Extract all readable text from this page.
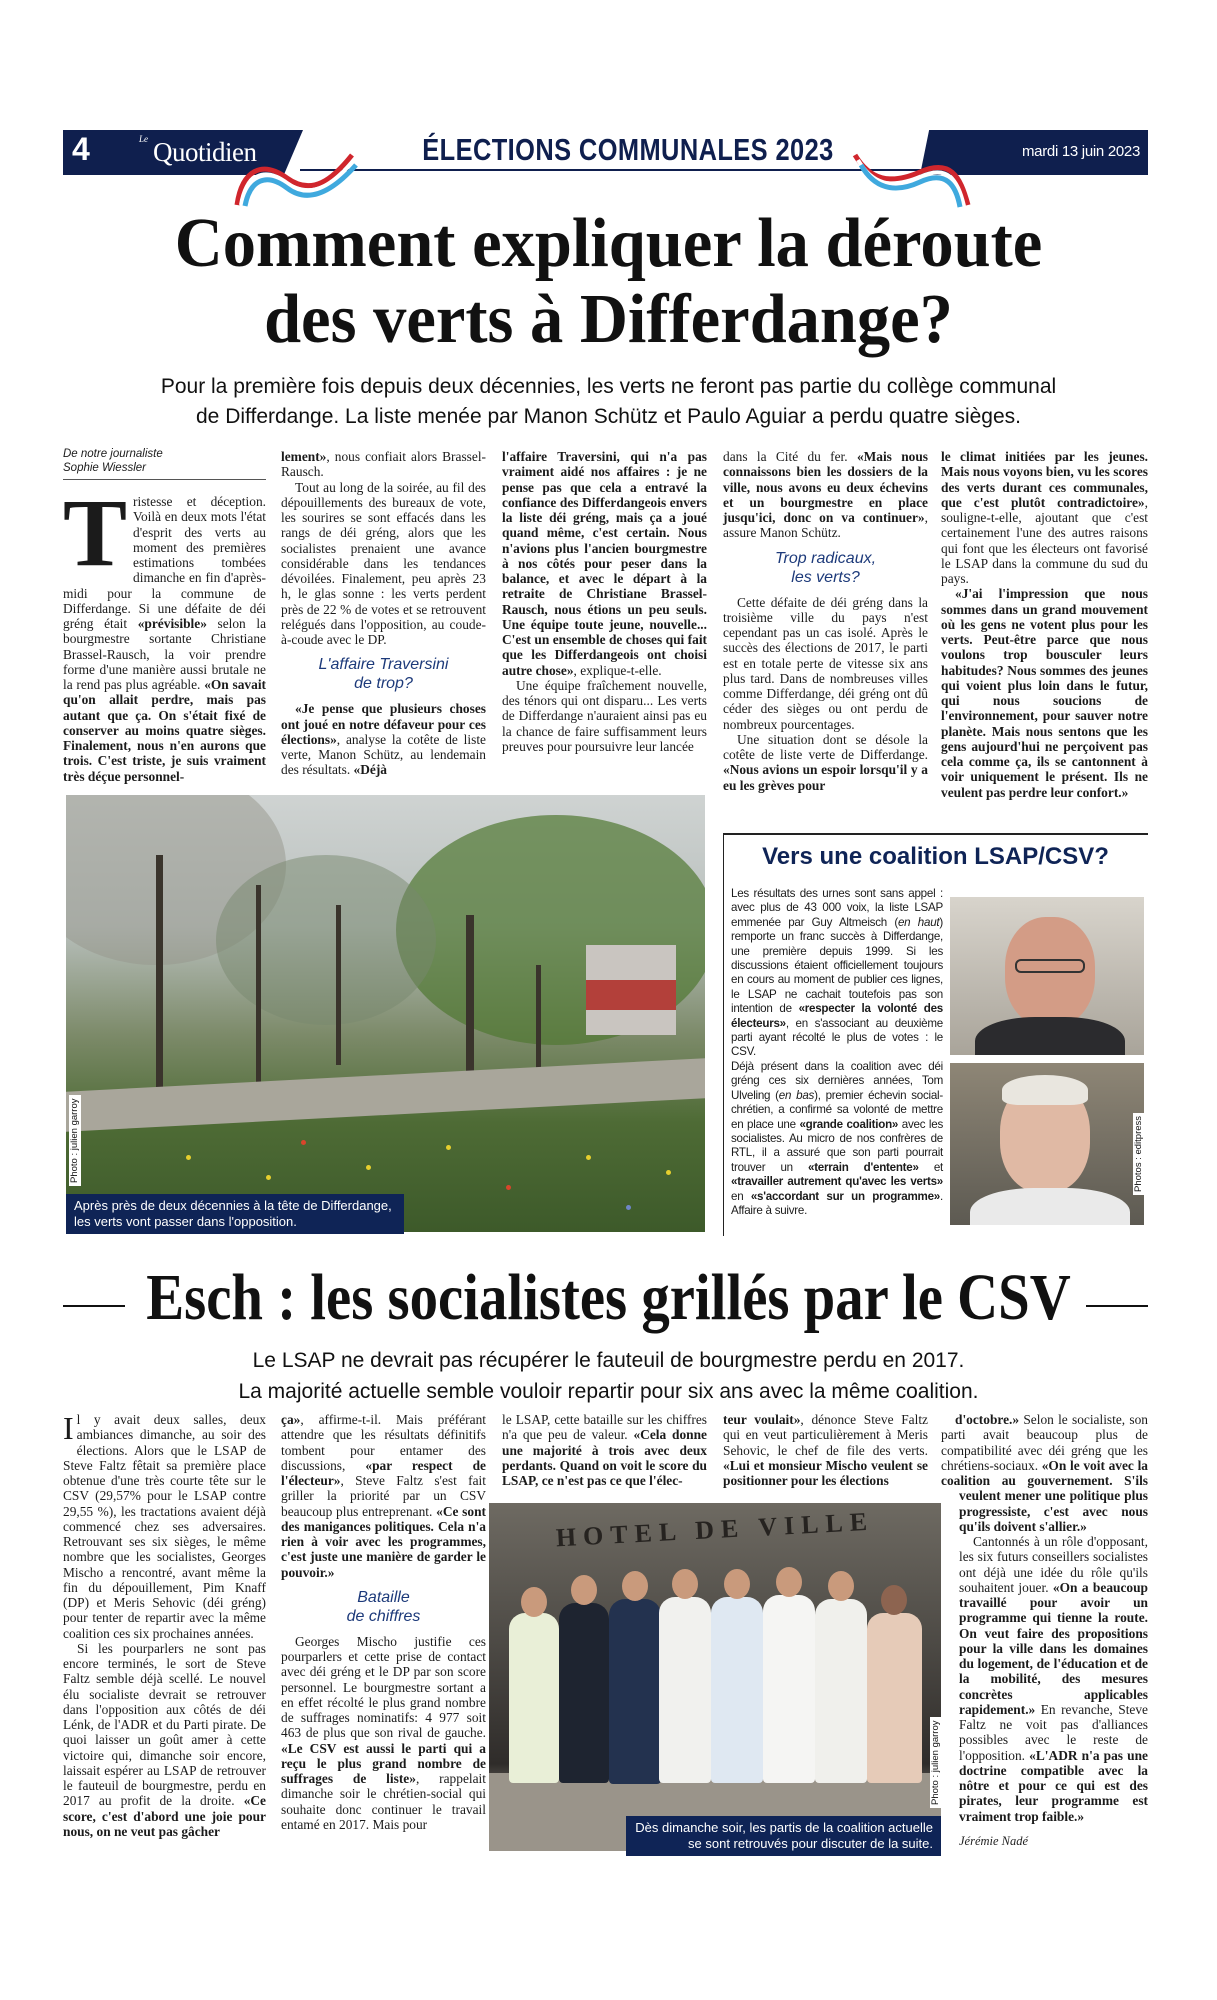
4	Le Quotidien	ÉLECTIONS COMMUNALES 2023	mardi 13 juin 2023
Comment expliquer la déroute
des verts à Differdange?
Pour la première fois depuis deux décennies, les verts ne feront pas partie du collège communal
de Differdange. La liste menée par Manon Schütz et Paulo Aguiar a perdu quatre sièges.
De notre journaliste
Sophie Wiessler
Tristesse et déception. Voilà en deux mots l'état d'esprit des verts au moment des premières estimations tombées dimanche en fin d'après-midi pour la commune de Differdange. Si une défaite de déi gréng était «prévisible» selon la bourgmestre sortante Christiane Brassel-Rausch, la voir prendre forme d'une manière aussi brutale ne la rend pas plus agréable. «On savait qu'on allait perdre, mais pas autant que ça. On s'était fixé de conserver au moins quatre sièges. Finalement, nous n'en aurons que trois. C'est triste, je suis vraiment très déçue personnel-
lement», nous confiait alors Brassel-Rausch.
Tout au long de la soirée, au fil des dépouillements des bureaux de vote, les sourires se sont effacés dans les rangs de déi gréng, alors que les socialistes prenaient une avance considérable dans les tendances dévoilées. Finalement, peu après 23 h, le glas sonne : les verts perdent près de 22 % de votes et se retrouvent relégués dans l'opposition, au coude-à-coude avec le DP.
L'affaire Traversini
de trop?
«Je pense que plusieurs choses ont joué en notre défaveur pour ces élections», analyse la cotête de liste verte, Manon Schütz, au lendemain des résultats. «Déjà
l'affaire Traversini, qui n'a pas vraiment aidé nos affaires : je ne pense pas que cela a entravé la confiance des Differdangeois envers la liste déi gréng, mais ça a joué quand même, c'est certain. Nous n'avions plus l'ancien bourgmestre à nos côtés pour peser dans la balance, et avec le départ à la retraite de Christiane Brassel-Rausch, nous étions un peu seuls. Une équipe toute jeune, nouvelle... C'est un ensemble de choses qui fait que les Differdangeois ont choisi autre chose», explique-t-elle.
Une équipe fraîchement nouvelle, des ténors qui ont disparu... Les verts de Differdange n'auraient ainsi pas eu la chance de faire suffisamment leurs preuves pour poursuivre leur lancée
dans la Cité du fer. «Mais nous connaissons bien les dossiers de la ville, nous avons eu deux échevins et un bourgmestre en place jusqu'ici, donc on va continuer», assure Manon Schütz.
Trop radicaux,
les verts?
Cette défaite de déi gréng dans la troisième ville du pays n'est cependant pas un cas isolé. Après le succès des élections de 2017, le parti est en totale perte de vitesse six ans plus tard. Dans de nombreuses villes comme Differdange, déi gréng ont dû céder des sièges ou ont perdu de nombreux pourcentages.
Une situation dont se désole la cotête de liste verte de Differdange. «Nous avions un espoir lorsqu'il y a eu les grèves pour
le climat initiées par les jeunes. Mais nous voyons bien, vu les scores des verts durant ces communales, que c'est plutôt contradictoire», souligne-t-elle, ajoutant que c'est certainement l'une des autres raisons qui font que les électeurs ont favorisé le LSAP dans la commune du sud du pays.
«J'ai l'impression que nous sommes dans un grand mouvement où les gens ne votent plus pour les verts. Peut-être parce que nous voulons trop bousculer leurs habitudes? Nous sommes des jeunes qui voient plus loin dans le futur, qui nous soucions de l'environnement, pour sauver notre planète. Mais nous sentons que les gens aujourd'hui ne perçoivent pas cela comme ça, ils se cantonnent à voir uniquement le présent. Ils ne veulent pas perdre leur confort.»
Photo : julien garroy
Après près de deux décennies à la tête de Differdange,
les verts vont passer dans l'opposition.
Vers une coalition LSAP/CSV?
Les résultats des urnes sont sans appel : avec plus de 43 000 voix, la liste LSAP emmenée par Guy Altmeisch (en haut) remporte un franc succès à Differdange, une première depuis 1999. Si les discussions étaient officiellement toujours en cours au moment de publier ces lignes, le LSAP ne cachait toutefois pas son intention de «respecter la volonté des électeurs», en s'associant au deuxième parti ayant récolté le plus de votes : le CSV.
Déjà présent dans la coalition avec déi gréng ces six dernières années, Tom Ulveling (en bas), premier échevin social-chrétien, a confirmé sa volonté de mettre en place une «grande coalition» avec les socialistes. Au micro de nos confrères de RTL, il a assuré que son parti pourrait trouver un «terrain d'entente» et «travailler autrement qu'avec les verts» en «s'accordant sur un programme». Affaire à suivre.
Photos : editpress
Esch : les socialistes grillés par le CSV
Le LSAP ne devrait pas récupérer le fauteuil de bourgmestre perdu en 2017.
La majorité actuelle semble vouloir repartir pour six ans avec la même coalition.
Il y avait deux salles, deux ambiances dimanche, au soir des élections. Alors que le LSAP de Steve Faltz fêtait sa première place obtenue d'une très courte tête sur le CSV (29,57% pour le LSAP contre 29,55 %), les tractations avaient déjà commencé chez ses adversaires. Retrouvant ses six sièges, le même nombre que les socialistes, Georges Mischo a rencontré, avant même la fin du dépouillement, Pim Knaff (DP) et Meris Sehovic (déi gréng) pour tenter de repartir avec la même coalition ces six prochaines années.
Si les pourparlers ne sont pas encore terminés, le sort de Steve Faltz semble déjà scellé. Le nouvel élu socialiste devrait se retrouver dans l'opposition aux côtés de déi Lénk, de l'ADR et du Parti pirate. De quoi laisser un goût amer à cette victoire qui, dimanche soir encore, laissait espérer au LSAP de retrouver le fauteuil de bourgmestre, perdu en 2017 au profit de la droite. «Ce score, c'est d'abord une joie pour nous, on ne veut pas gâcher
ça», affirme-t-il. Mais préférant attendre que les résultats définitifs tombent pour entamer des discussions, «par respect de l'électeur», Steve Faltz s'est fait griller la priorité par un CSV beaucoup plus entreprenant. «Ce sont des manigances politiques. Cela n'a rien à voir avec les programmes, c'est juste une manière de garder le pouvoir.»
Bataille
de chiffres
Georges Mischo justifie ces pourparlers et cette prise de contact avec déi gréng et le DP par son score personnel. Le bourgmestre sortant a en effet récolté le plus grand nombre de suffrages nominatifs: 4 977 soit 463 de plus que son rival de gauche. «Le CSV est aussi le parti qui a reçu le plus grand nombre de suffrages de liste», rappelait dimanche soir le chrétien-social qui souhaite donc continuer le travail entamé en 2017. Mais pour
le LSAP, cette bataille sur les chiffres n'a que peu de valeur. «Cela donne une majorité à trois avec deux perdants. Quand on voit le score du LSAP, ce n'est pas ce que l'élec-
teur voulait», dénonce Steve Faltz qui en veut particulièrement à Meris Sehovic, le chef de file des verts. «Lui et monsieur Mischo veulent se positionner pour les élections
d'octobre.» Selon le socialiste, son parti avait beaucoup plus de compatibilité avec déi gréng que les chrétiens-sociaux. «On le voit avec la coalition au gouvernement. S'ils veulent mener une politique plus progressiste, c'est avec nous qu'ils doivent s'allier.»
Cantonnés à un rôle d'opposant, les six futurs conseillers socialistes ont déjà une idée du rôle qu'ils souhaitent jouer. «On a beaucoup travaillé pour avoir un programme qui tienne la route. On veut faire des propositions pour la ville dans les domaines du logement, de l'éducation et de la mobilité, des mesures concrètes applicables rapidement.» En revanche, Steve Faltz ne voit pas d'alliances possibles avec le reste de l'opposition. «L'ADR n'a pas une doctrine compatible avec la nôtre et pour ce qui est des pirates, leur programme est vraiment trop faible.»
Jérémie Nadé
HOTEL DE VILLE
Photo : julien garroy
Dès dimanche soir, les partis de la coalition actuelle
se sont retrouvés pour discuter de la suite.
